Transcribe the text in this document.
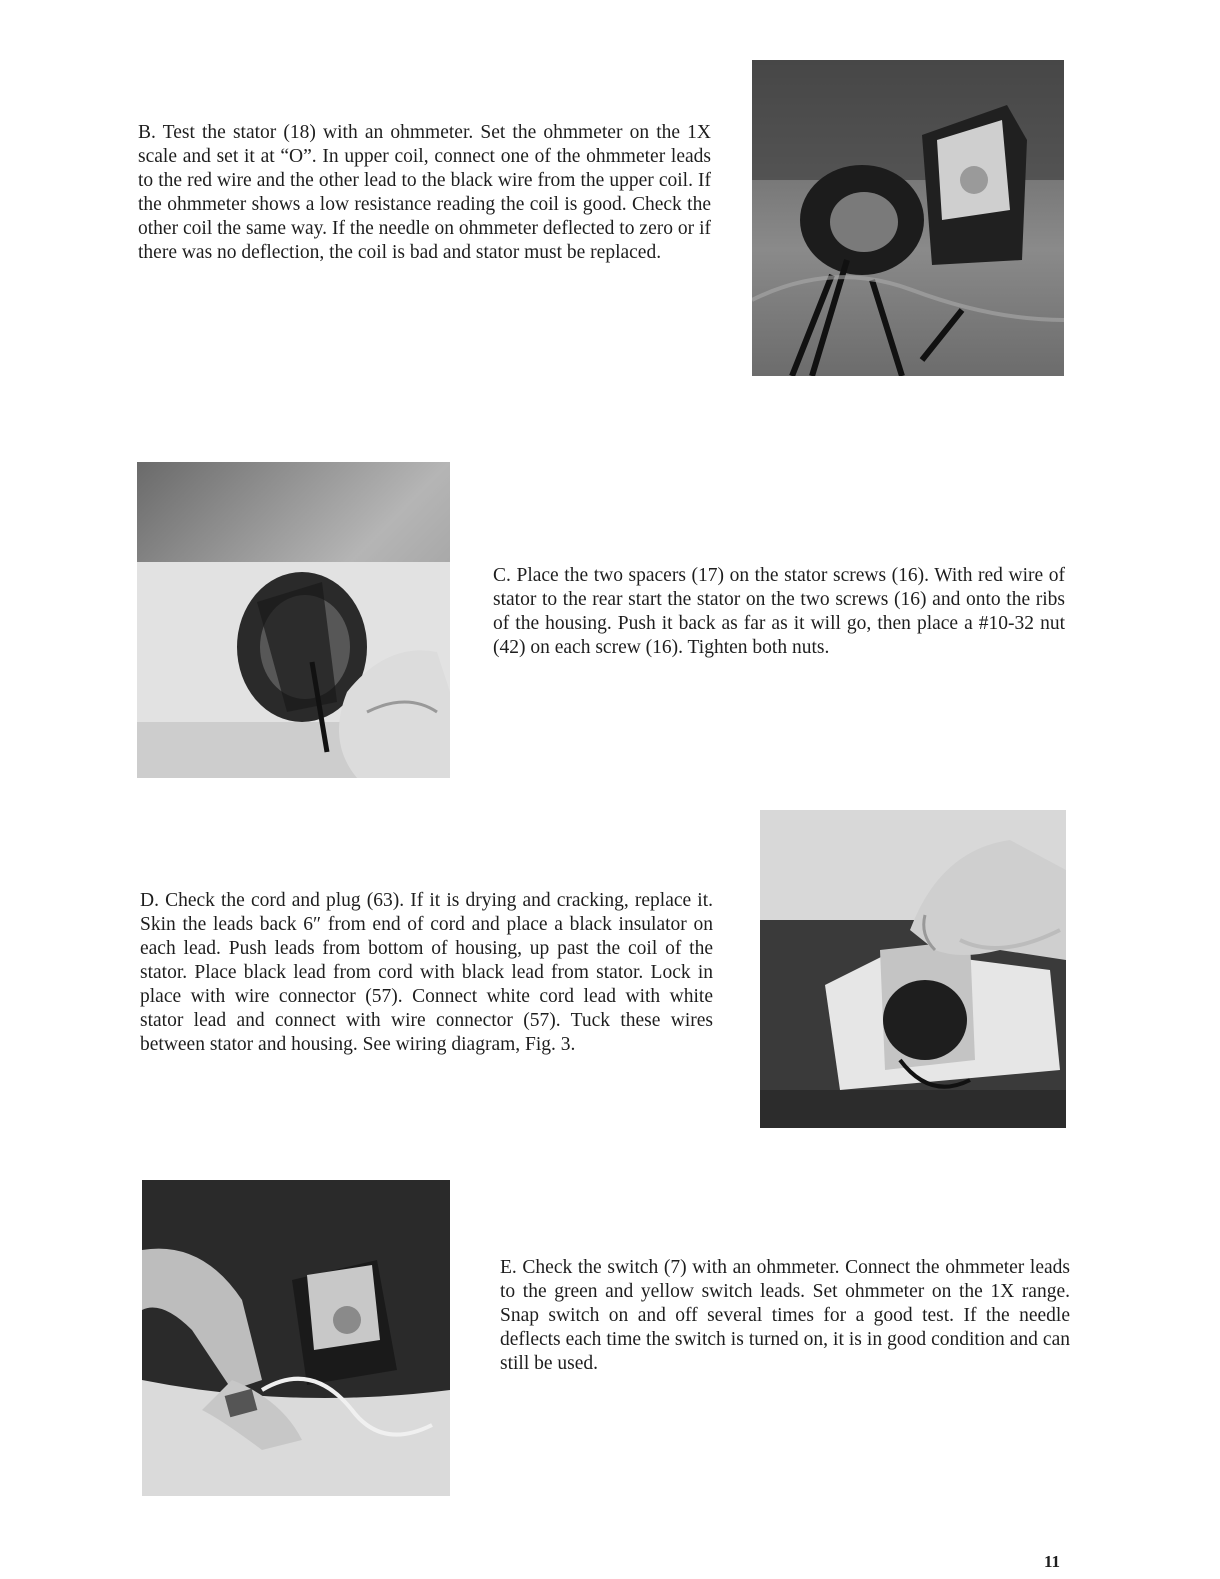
B. Test the stator (18) with an ohmmeter. Set the ohmmeter on the 1X scale and set it at “O”. In upper coil, connect one of the ohmmeter leads to the red wire and the other lead to the black wire from the upper coil. If the ohmmeter shows a low resistance reading the coil is good. Check the other coil the same way. If the needle on ohmmeter deflected to zero or if there was no deflection, the coil is bad and stator must be replaced.

C. Place the two spacers (17) on the stator screws (16). With red wire of stator to the rear start the stator on the two screws (16) and onto the ribs of the housing. Push it back as far as it will go, then place a #10-32 nut (42) on each screw (16). Tighten both nuts.

D. Check the cord and plug (63). If it is drying and cracking, replace it. Skin the leads back 6″ from end of cord and place a black insulator on each lead. Push leads from bottom of housing, up past the coil of the stator. Place black lead from cord with black lead from stator. Lock in place with wire connector (57). Connect white cord lead with white stator lead and connect with wire connector (57). Tuck these wires between stator and housing. See wiring diagram, Fig. 3.

E. Check the switch (7) with an ohmmeter. Connect the ohmmeter leads to the green and yellow switch leads. Set ohmmeter on the 1X range. Snap switch on and off several times for a good test. If the needle deflects each time the switch is turned on, it is in good condition and can still be used.

11
